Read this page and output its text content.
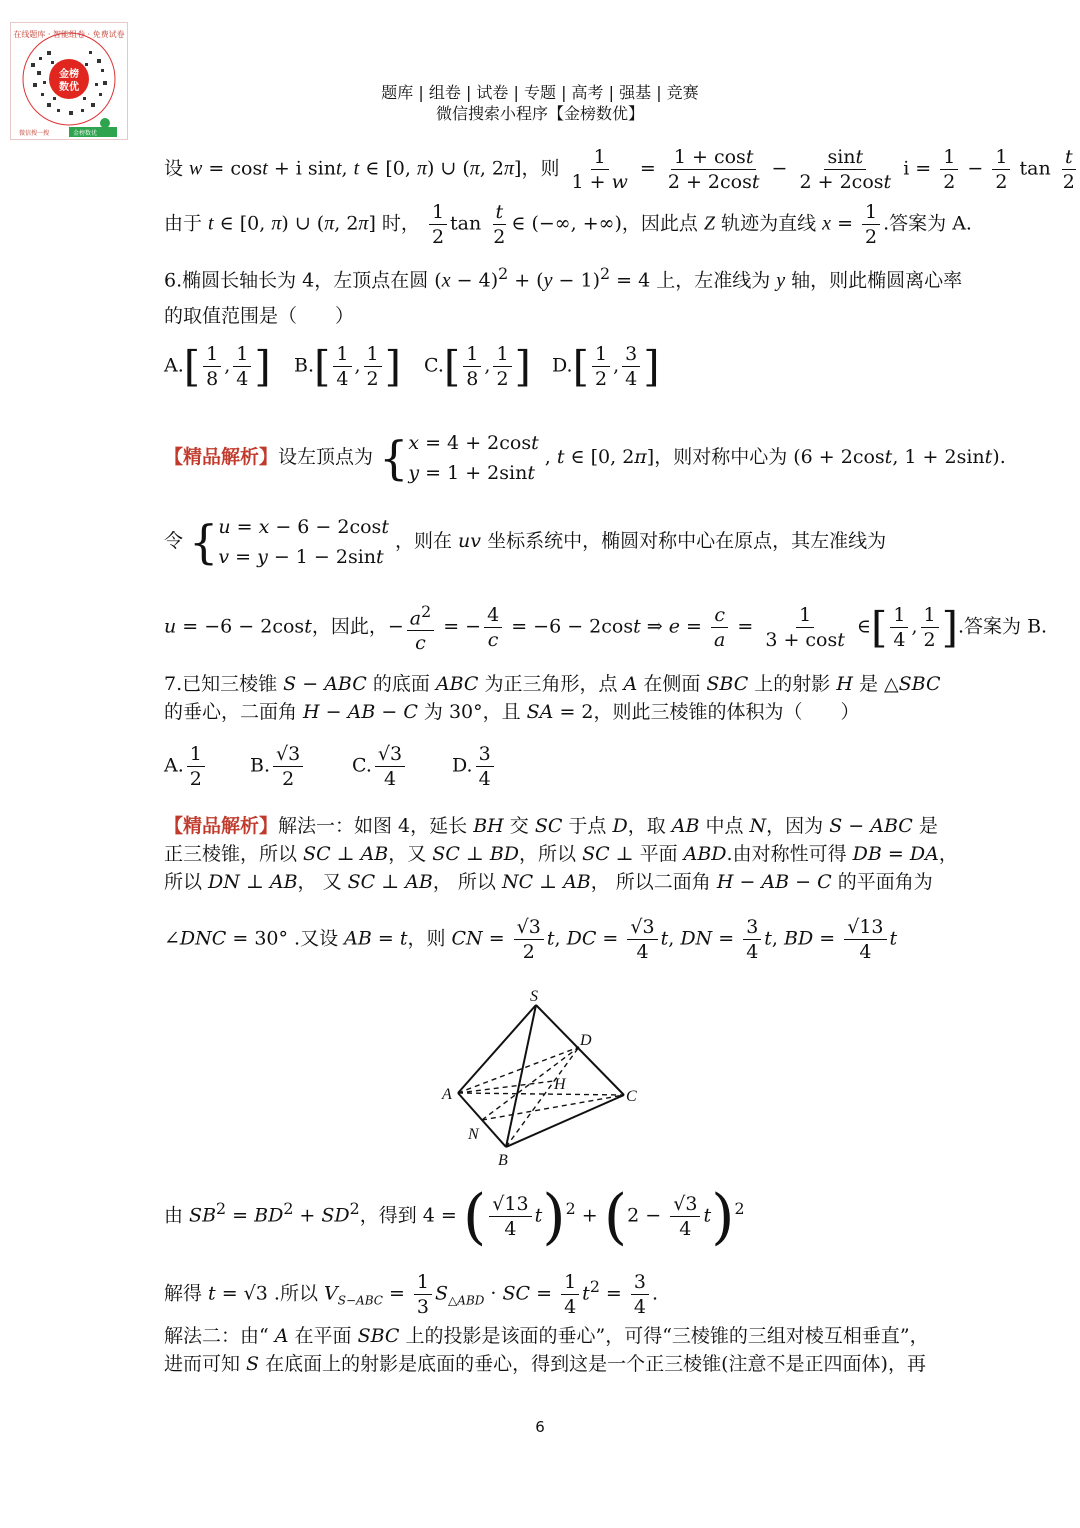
在线题库 · 智能组卷 · 免费试卷
金榜
数优
微信搜一搜	金榜数优
题库 | 组卷 | 试卷 | 专题 | 高考 | 强基 | 竞赛
微信搜索小程序【金榜数优】
设 w = cost + i sint, t ∈ [0, π) ∪ (π, 2π]，则 $\frac{1}{1 + w} = \frac{1 + \cos t}{2 + 2\cos t} - \frac{\sin t}{2 + 2\cos t}$ $i = \frac{1}{2} - \frac{1}{2}$ $\tan \frac{t}{2}$
由于 t ∈ [0, π) ∪ (π, 2π] 时， $\frac{1}{2}$ $\tan \frac{t}{2}$ ∈ (−∞, +∞)，因此点 Z 轨迹为直线 $x = \frac{1}{2}$ .答案为 A.
6.椭圆长轴长为 4，左顶点在圆 $(x - 4)^2 + (y - 1)^2 = 4$ 上，左准线为 y 轴，则此椭圆离心率
的取值范围是（　　）
$A.[ \frac{1}{8}$ , $\frac{1}{4}$ ] $B.[ \frac{1}{4}$ , $\frac{1}{2}$ ] $C.[ \frac{1}{8}$ , $\frac{1}{2}$ ] $D.[ \frac{1}{2}$ , $\frac{3}{4}$ ]
【精品解析】设左顶点为 { x = 4 + 2cost
y = 1 + 2sint
, t ∈ [0, 2π]，则对称中心为 (6 + 2cost, 1 + 2sint).
令 { u = x − 6 − 2cost
v = y − 1 − 2sint
，则在 uv 坐标系统中，椭圆对称中心在原点，其左准线为
u = −6 − 2cost，因此，− $\frac{a^2}{c}$ = − $\frac{4}{c} = -6 - 2\cos t$ ⇒ $e = \frac{c}{a} = \frac{1}{3 + \cos t}$ ∈[ $\frac{1}{4}$ , $\frac{1}{2}$ ].答案为 B.
7.已知三棱锥 S − ABC 的底面 ABC 为正三角形，点 A 在侧面 SBC 上的射影 H 是 △SBC
的垂心，二面角 H − AB − C 为 30°，且 SA = 2，则此三棱锥的体积为（　　）
A. $\frac{1}{2} B$. $\frac{√3}{2}$	C. $\frac{√3}{4} D$. $\frac{3}{4}$
【精品解析】解法一：如图 4，延长 BH 交 SC 于点 D，取 AB 中点 N，因为 S − ABC 是
正三棱锥，所以 SC ⊥ AB，又 SC ⊥ BD，所以 SC ⊥ 平面 ABD.由对称性可得 DB = DA，
所以 DN ⊥ AB， 又 SC ⊥ AB， 所以 NC ⊥ AB， 所以二面角 H − AB − C 的平面角为
∠DNC = 30° .又设 AB = t，则 CN = $\frac{√3}{2} t$, DC = $\frac{√3}{4} t$, DN = $\frac{3}{4} t$, BD = $\frac{√13}{4}$ t
S
D
A
H
C
N
B
由 $SB^2 = BD^2 + SD^2$，得到 4 = ( $\frac{√13}{4} t)^2 + (2 - \frac{√3}{4} t)^2$
解得 t = √3 .所以 $V_{S-ABC} = \frac{1}{3} S_{\triangle ABD}$ · SC = $\frac{1}{4} t^2 = \frac{3}{4}$ .
解法二：由“ A 在平面 SBC 上的投影是该面的垂心”，可得“三棱锥的三组对棱互相垂直”，
进而可知 S 在底面上的射影是底面的垂心，得到这是一个正三棱锥(注意不是正四面体)，再
6
